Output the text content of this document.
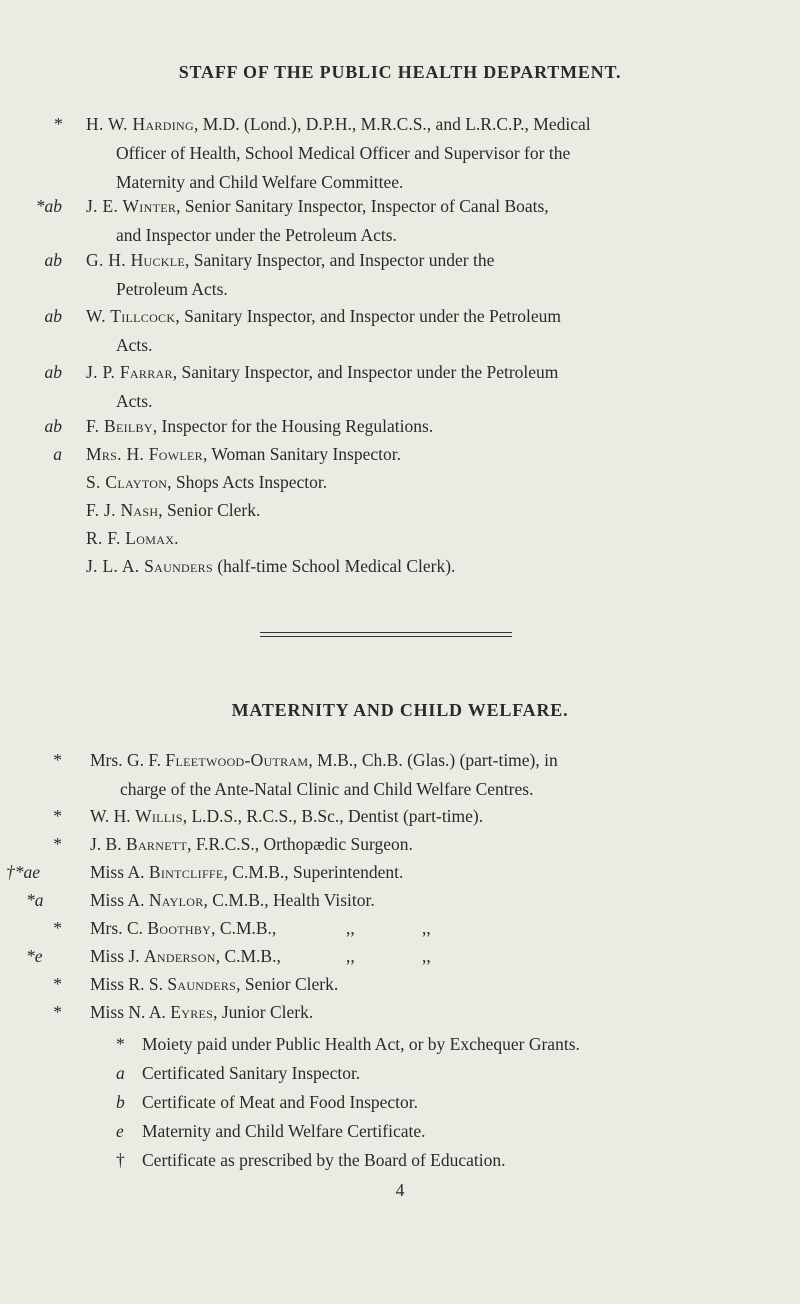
STAFF OF THE PUBLIC HEALTH DEPARTMENT.
* H. W. Harding, M.D. (Lond.), D.P.H., M.R.C.S., and L.R.C.P., Medical
Officer of Health, School Medical Officer and Supervisor for the
Maternity and Child Welfare Committee.
*ab J. E. Winter, Senior Sanitary Inspector, Inspector of Canal Boats,
and Inspector under the Petroleum Acts.
ab G. H. Huckle, Sanitary Inspector, and Inspector under the
Petroleum Acts.
ab W. Tillcock, Sanitary Inspector, and Inspector under the Petroleum
Acts.
ab J. P. Farrar, Sanitary Inspector, and Inspector under the Petroleum
Acts.
ab F. Beilby, Inspector for the Housing Regulations.
a Mrs. H. Fowler, Woman Sanitary Inspector.
S. Clayton, Shops Acts Inspector.
F. J. Nash, Senior Clerk.
R. F. Lomax.
J. L. A. Saunders (half-time School Medical Clerk).
MATERNITY AND CHILD WELFARE.
* Mrs. G. F. Fleetwood-Outram, M.B., Ch.B. (Glas.) (part-time), in
charge of the Ante-Natal Clinic and Child Welfare Centres.
* W. H. Willis, L.D.S., R.C.S., B.Sc., Dentist (part-time).
* J. B. Barnett, F.R.C.S., Orthopædic Surgeon.
†*ae	Miss A. Bintcliffe, C.M.B., Superintendent.
*a	Miss A. Naylor, C.M.B., Health Visitor.
* Mrs. C. Boothby, C.M.B.,	,,	,,
*e	Miss J. Anderson, C.M.B.,	,,	,,
* Miss R. S. Saunders, Senior Clerk.
* Miss N. A. Eyres, Junior Clerk.
* Moiety paid under Public Health Act, or by Exchequer Grants.
a Certificated Sanitary Inspector.
b Certificate of Meat and Food Inspector.
e Maternity and Child Welfare Certificate.
† Certificate as prescribed by the Board of Education.
4
